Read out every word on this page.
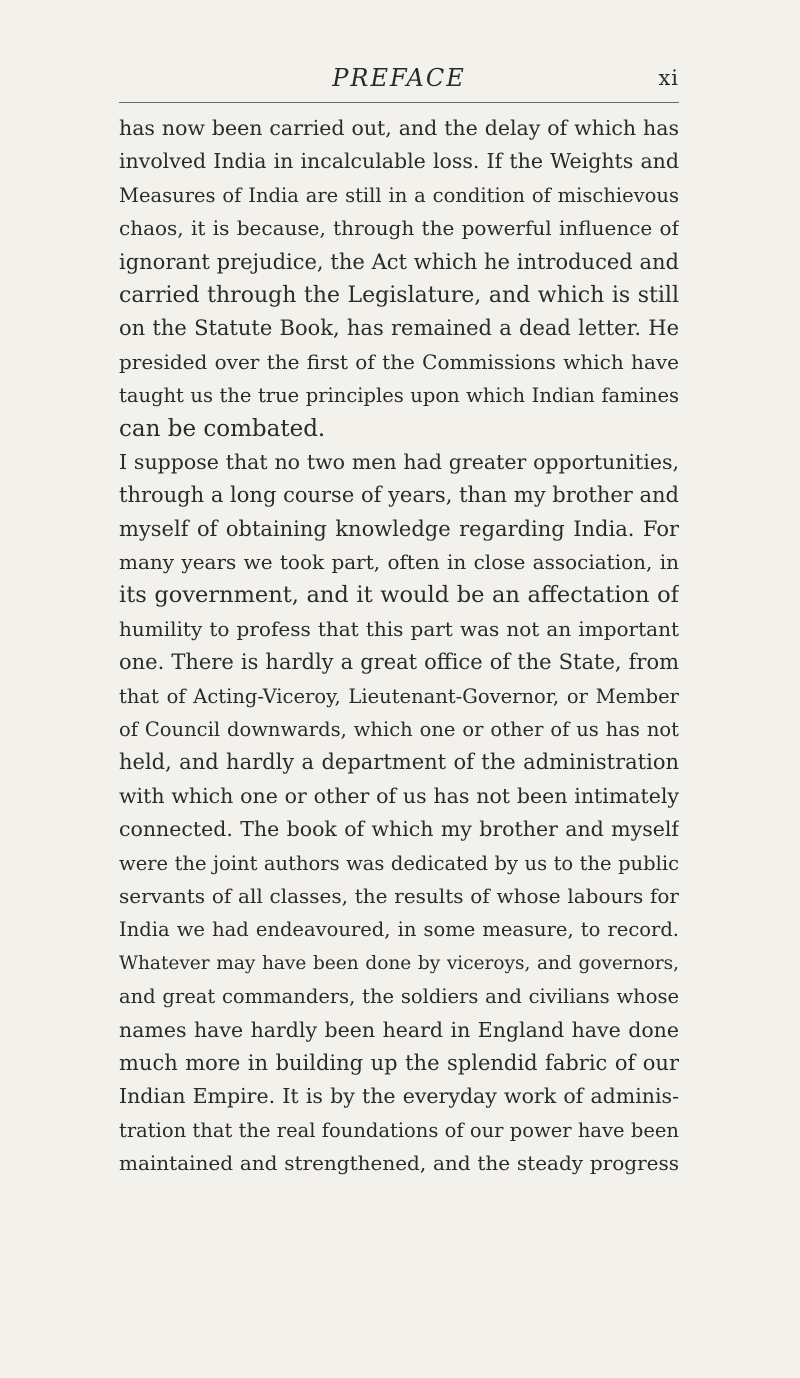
PREFACE	xi
has now been carried out, and the delay of which has
involved India in incalculable loss. If the Weights and
Measures of India are still in a condition of mischievous
chaos, it is because, through the powerful influence of
ignorant prejudice, the Act which he introduced and
carried through the Legislature, and which is still
on the Statute Book, has remained a dead letter. He
presided over the first of the Commissions which have
taught us the true principles upon which Indian famines
can be combated.
I suppose that no two men had greater opportunities,
through a long course of years, than my brother and
myself of obtaining knowledge regarding India. For
many years we took part, often in close association, in
its government, and it would be an affectation of
humility to profess that this part was not an important
one. There is hardly a great office of the State, from
that of Acting-Viceroy, Lieutenant-Governor, or Member
of Council downwards, which one or other of us has not
held, and hardly a department of the administration
with which one or other of us has not been intimately
connected. The book of which my brother and myself
were the joint authors was dedicated by us to the public
servants of all classes, the results of whose labours for
India we had endeavoured, in some measure, to record.
Whatever may have been done by viceroys, and governors,
and great commanders, the soldiers and civilians whose
names have hardly been heard in England have done
much more in building up the splendid fabric of our
Indian Empire. It is by the everyday work of adminis-
tration that the real foundations of our power have been
maintained and strengthened, and the steady progress
